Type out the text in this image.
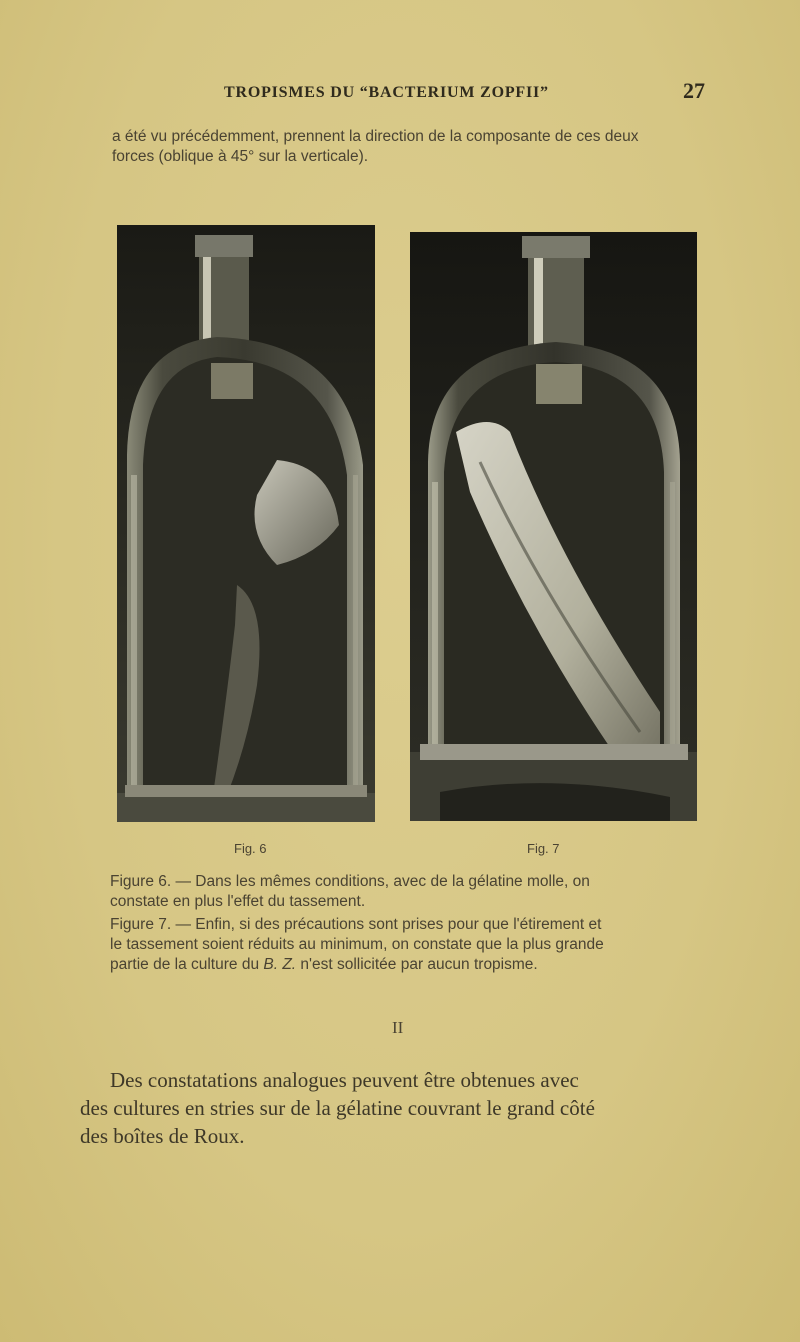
TROPISMES DU “BACTERIUM ZOPFII”	27
a été vu précédemment, prennent la direction de la composante de ces deux
forces (oblique à 45° sur la verticale).
Fig. 6	Fig. 7
Figure 6. — Dans les mêmes conditions, avec de la gélatine molle, on
constate en plus l'effet du tassement.
Figure 7. — Enfin, si des précautions sont prises pour que l'étirement et
le tassement soient réduits au minimum, on constate que la plus grande
partie de la culture du B. Z. n'est sollicitée par aucun tropisme.
II
Des constatations analogues peuvent être obtenues avec
des cultures en stries sur de la gélatine couvrant le grand côté
des boîtes de Roux.
